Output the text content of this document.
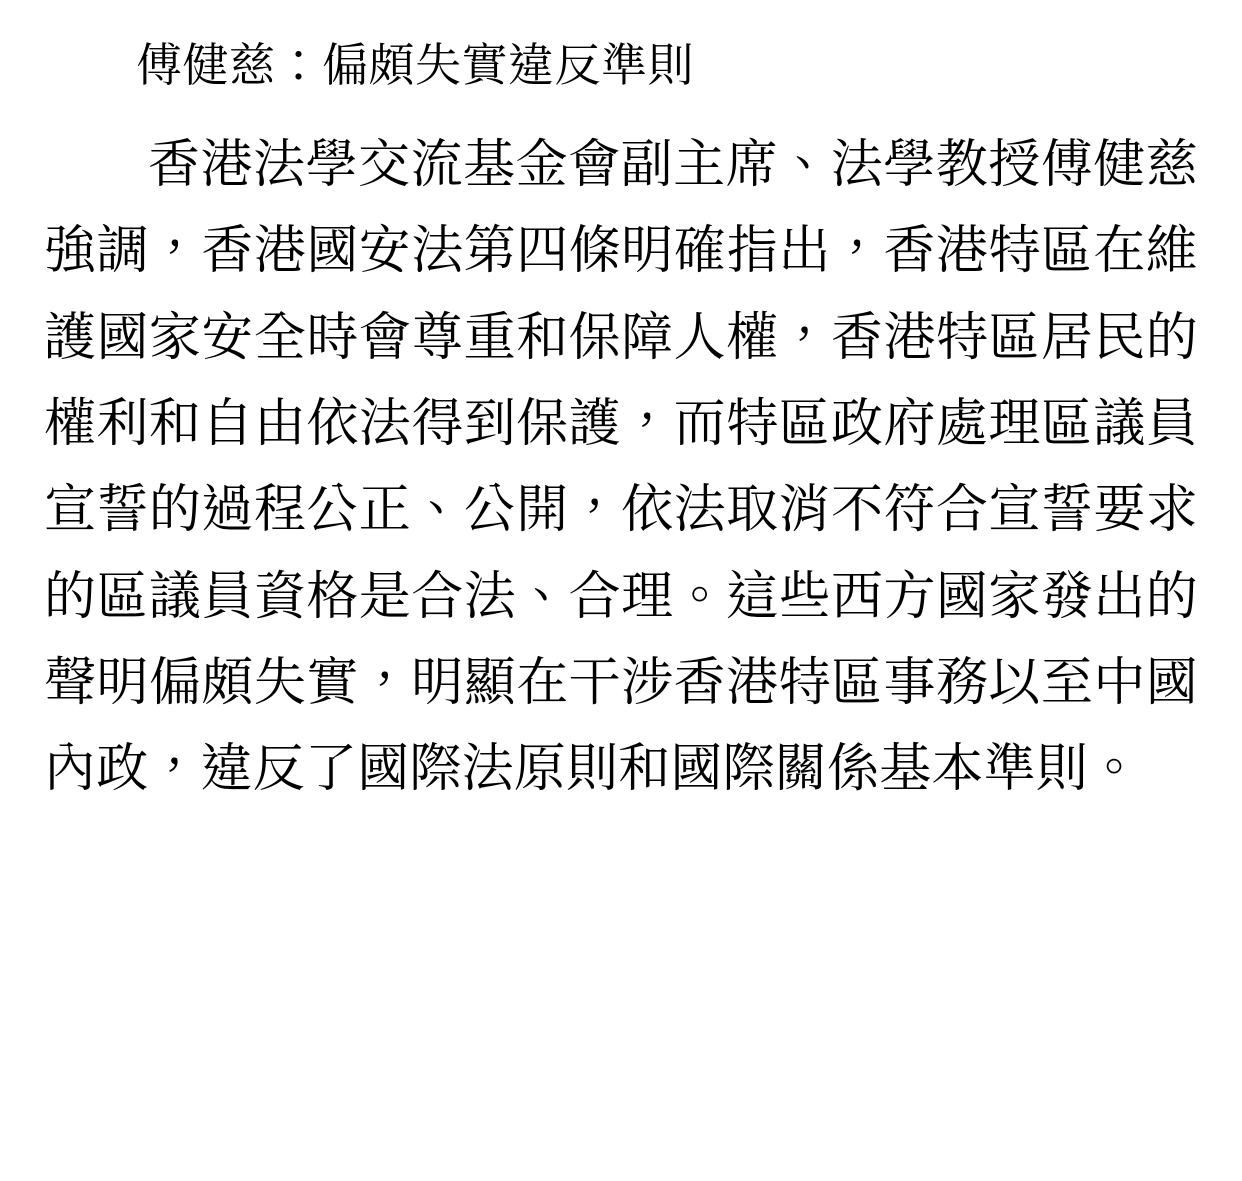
傅健慈：偏頗失實違反準則

香港法學交流基金會副主席、法學教授傅健慈強調，香港國安法第四條明確指出，香港特區在維護國家安全時會尊重和保障人權，香港特區居民的權利和自由依法得到保護，而特區政府處理區議員宣誓的過程公正、公開，依法取消不符合宣誓要求的區議員資格是合法、合理。這些西方國家發出的聲明偏頗失實，明顯在干涉香港特區事務以至中國內政，違反了國際法原則和國際關係基本準則。
